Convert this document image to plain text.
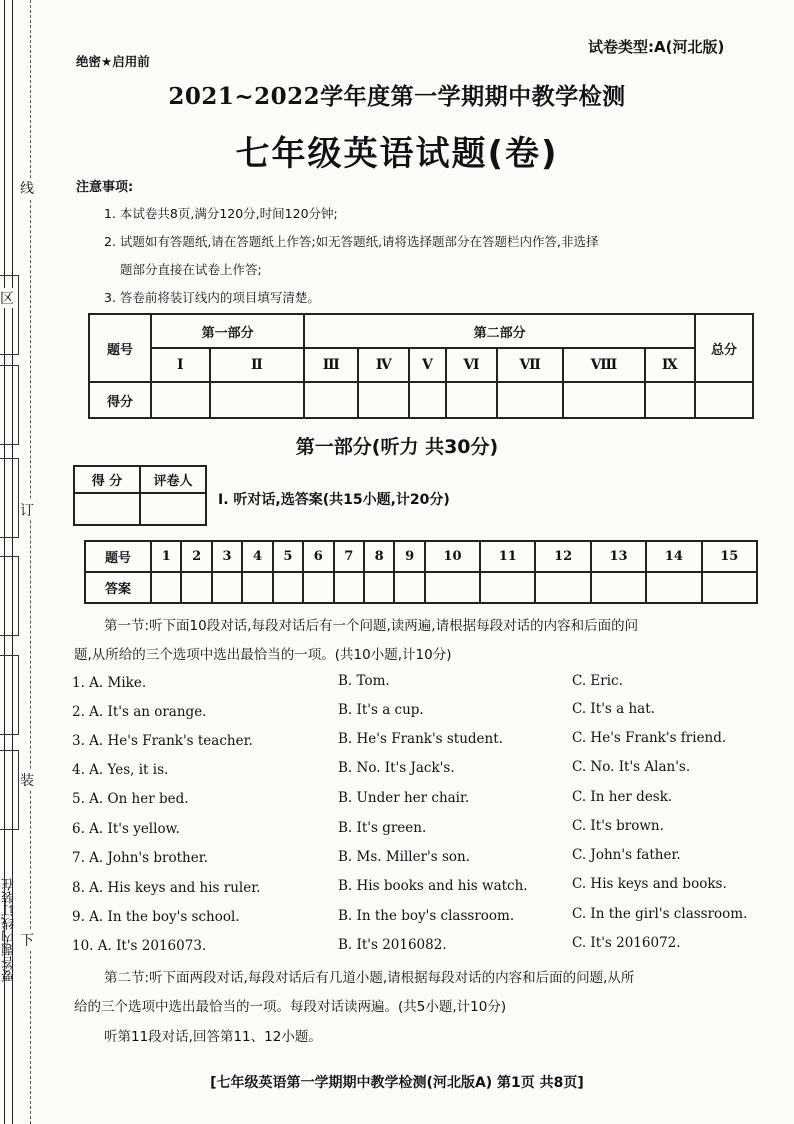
区
线
订
装
下
要答题内线订装在
绝密★启用前
试卷类型:A(河北版)
2021~2022学年度第一学期期中教学检测
七年级英语试题(卷)
注意事项:
1. 本试卷共8页,满分120分,时间120分钟;
2. 试题如有答题纸,请在答题纸上作答;如无答题纸,请将选择题部分在答题栏内作答,非选择
题部分直接在试卷上作答;
3. 答卷前将装订线内的项目填写清楚。
题号	第一部分		第二部分							总分
	Ⅰ	Ⅱ	Ⅲ	Ⅳ	Ⅴ	Ⅵ	Ⅶ	Ⅷ	Ⅸ	
得分										
第一部分(听力 共30分)
得 分	评卷人

Ⅰ. 听对话,选答案(共15小题,计20分)
题号	1	2	3	4	5	6	7	8	9	10	11	12	13	14	15
答案															
第一节:听下面10段对话,每段对话后有一个问题,读两遍,请根据每段对话的内容和后面的问
题,从所给的三个选项中选出最恰当的一项。(共10小题,计10分)
1. A. Mike.	B. Tom.	C. Eric.
2. A. It's an orange.	B. It's a cup.	C. It's a hat.
3. A. He's Frank's teacher.	B. He's Frank's student.	C. He's Frank's friend.
4. A. Yes, it is.	B. No. It's Jack's.	C. No. It's Alan's.
5. A. On her bed.	B. Under her chair.	C. In her desk.
6. A. It's yellow.	B. It's green.	C. It's brown.
7. A. John's brother.	B. Ms. Miller's son.	C. John's father.
8. A. His keys and his ruler.	B. His books and his watch.	C. His keys and books.
9. A. In the boy's school.	B. In the boy's classroom.	C. In the girl's classroom.
10. A. It's 2016073.	B. It's 2016082.	C. It's 2016072.
第二节:听下面两段对话,每段对话后有几道小题,请根据每段对话的内容和后面的问题,从所
给的三个选项中选出最恰当的一项。每段对话读两遍。(共5小题,计10分)
听第11段对话,回答第11、12小题。
[七年级英语第一学期期中教学检测(河北版A) 第1页 共8页]
